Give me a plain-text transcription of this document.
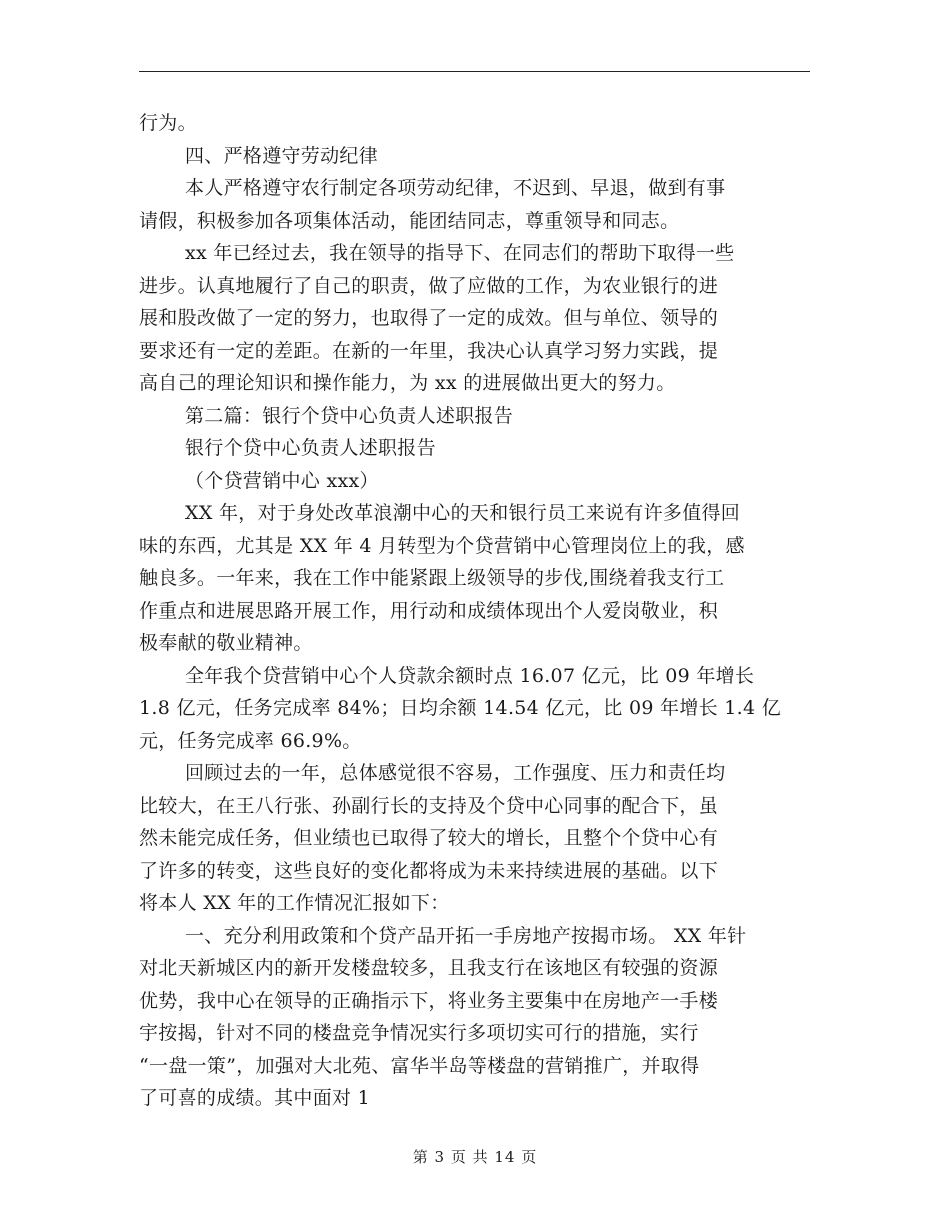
行为。
四、严格遵守劳动纪律
本人严格遵守农行制定各项劳动纪律，不迟到、早退，做到有事
请假，积极参加各项集体活动，能团结同志，尊重领导和同志。
xx 年已经过去，我在领导的指导下、在同志们的帮助下取得一些
进步。认真地履行了自己的职责，做了应做的工作，为农业银行的进
展和股改做了一定的努力，也取得了一定的成效。但与单位、领导的
要求还有一定的差距。在新的一年里，我决心认真学习努力实践，提
高自己的理论知识和操作能力，为 xx 的进展做出更大的努力。
第二篇：银行个贷中心负责人述职报告
银行个贷中心负责人述职报告
（个贷营销中心 xxx）
XX 年，对于身处改革浪潮中心的天和银行员工来说有许多值得回
味的东西，尤其是 XX 年 4 月转型为个贷营销中心管理岗位上的我，感
触良多。一年来，我在工作中能紧跟上级领导的步伐,围绕着我支行工
作重点和进展思路开展工作，用行动和成绩体现出个人爱岗敬业，积
极奉献的敬业精神。
全年我个贷营销中心个人贷款余额时点 16.07 亿元，比 09 年增长
1.8 亿元，任务完成率 84%；日均余额 14.54 亿元，比 09 年增长 1.4 亿
元，任务完成率 66.9%。
回顾过去的一年，总体感觉很不容易，工作强度、压力和责任均
比较大，在王八行张、孙副行长的支持及个贷中心同事的配合下，虽
然未能完成任务，但业绩也已取得了较大的增长，且整个个贷中心有
了许多的转变，这些良好的变化都将成为未来持续进展的基础。以下
将本人 XX 年的工作情况汇报如下：
一、充分利用政策和个贷产品开拓一手房地产按揭市场。 XX 年针
对北天新城区内的新开发楼盘较多，且我支行在该地区有较强的资源
优势，我中心在领导的正确指示下，将业务主要集中在房地产一手楼
宇按揭，针对不同的楼盘竞争情况实行多项切实可行的措施，实行
“一盘一策”，加强对大北苑、富华半岛等楼盘的营销推广，并取得
了可喜的成绩。其中面对 1
第 3 页 共 14 页
